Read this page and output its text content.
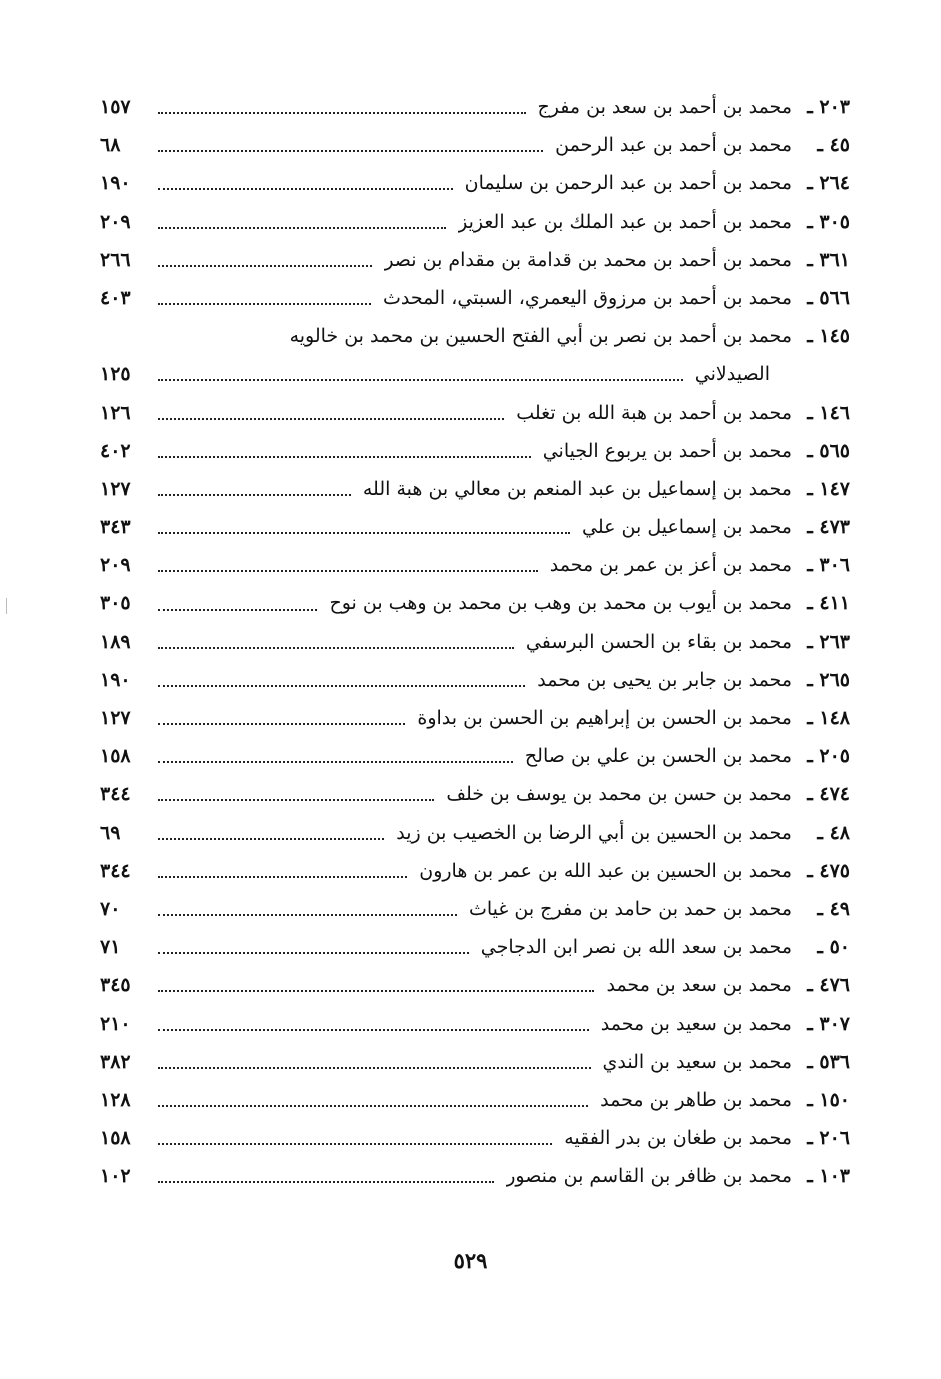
٢٠٣ ـ
محمد بن أحمد بن سعد بن مفرج
١٥٧
٤٥ ـ
محمد بن أحمد بن عبد الرحمن
٦٨
٢٦٤ ـ
محمد بن أحمد بن عبد الرحمن بن سليمان
١٩٠
٣٠٥ ـ
محمد بن أحمد بن عبد الملك بن عبد العزيز
٢٠٩
٣٦١ ـ
محمد بن أحمد بن محمد بن قدامة بن مقدام بن نصر
٢٦٦
٥٦٦ ـ
محمد بن أحمد بن مرزوق اليعمري، السبتي، المحدث
٤٠٣
١٤٥ ـ
محمد بن أحمد بن نصر بن أبي الفتح الحسين بن محمد بن خالويه
الصيدلاني
١٢٥
١٤٦ ـ
محمد بن أحمد بن هبة الله بن تغلب
١٢٦
٥٦٥ ـ
محمد بن أحمد بن يربوع الجياني
٤٠٢
١٤٧ ـ
محمد بن إسماعيل بن عبد المنعم بن معالي بن هبة الله
١٢٧
٤٧٣ ـ
محمد بن إسماعيل بن علي
٣٤٣
٣٠٦ ـ
محمد بن أعز بن عمر بن محمد
٢٠٩
٤١١ ـ
محمد بن أيوب بن محمد بن وهب بن محمد بن وهب بن نوح
٣٠٥
٢٦٣ ـ
محمد بن بقاء بن الحسن البرسفي
١٨٩
٢٦٥ ـ
محمد بن جابر بن يحيى بن محمد
١٩٠
١٤٨ ـ
محمد بن الحسن بن إبراهيم بن الحسن بن بداوة
١٢٧
٢٠٥ ـ
محمد بن الحسن بن علي بن صالح
١٥٨
٤٧٤ ـ
محمد بن حسن بن محمد بن يوسف بن خلف
٣٤٤
٤٨ ـ
محمد بن الحسين بن أبي الرضا بن الخصيب بن زيد
٦٩
٤٧٥ ـ
محمد بن الحسين بن عبد الله بن عمر بن هارون
٣٤٤
٤٩ ـ
محمد بن حمد بن حامد بن مفرج بن غياث
٧٠
٥٠ ـ
محمد بن سعد الله بن نصر ابن الدجاجي
٧١
٤٧٦ ـ
محمد بن سعد بن محمد
٣٤٥
٣٠٧ ـ
محمد بن سعيد بن محمد
٢١٠
٥٣٦ ـ
محمد بن سعيد بن الندي
٣٨٢
١٥٠ ـ
محمد بن طاهر بن محمد
١٢٨
٢٠٦ ـ
محمد بن طغان بن بدر الفقيه
١٥٨
١٠٣ ـ
محمد بن ظافر بن القاسم بن منصور
١٠٢
٥٢٩
